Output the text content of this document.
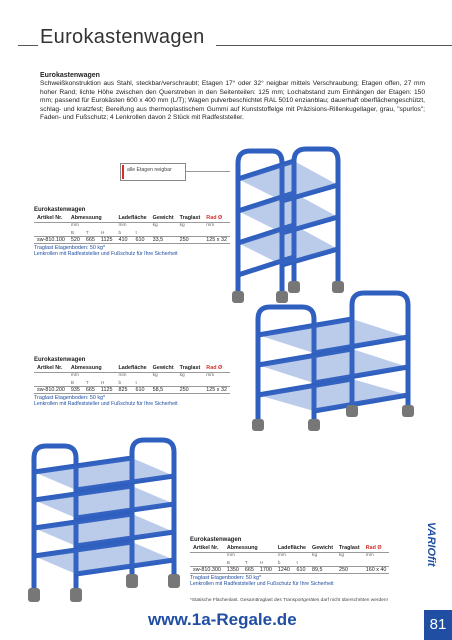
Eurokastenwagen
Eurokastenwagen
Schweißkonstruktion aus Stahl, steckbar/verschraubt; Etagen 17° oder 32° neigbar mittels Verschraubung; Etagen offen, 27 mm hoher Rand; lichte Höhe zwischen den Querstreben in den Seitenteilen: 125 mm; Lochabstand zum Einhängen der Etagen: 150 mm; passend für Eurokästen 600 x 400 mm (L/T); Wagen pulverbeschichtet RAL 5010 enzianblau; dauerhaft oberflächengeschützt, schlag- und kratzfest; Bereifung aus thermoplastischem Gummi auf Kunststoffelge mit Präzisions-Rillenkugellager, grau, "spurlos"; Faden- und Fußschutz; 4 Lenkrollen davon 2 Stück mit Radfeststeller.
alle Etagen neigbar
Eurokastenwagen
Artikel Nr.	Abmessung			Ladefläche		Gewicht	Traglast	Rad Ø
	mm			mm		kg	kg	mm
	B	T	H	b	t			
sw-810.100	520	665	1125	410	610	33,5	250	125 x 32
Traglast Etagenboden: 50 kg*
Lenkrollen mit Radfeststeller und Fußschutz für Ihre Sicherheit
Eurokastenwagen
Artikel Nr.	Abmessung			Ladefläche		Gewicht	Traglast	Rad Ø
	mm			mm		kg	kg	mm
	B	T	H	b	t			
sw-810.200	935	665	1125	825	610	58,5	250	125 x 32
Traglast Etagenboden: 50 kg*
Lenkrollen mit Radfeststeller und Fußschutz für Ihre Sicherheit
Eurokastenwagen
Artikel Nr.	Abmessung			Ladefläche		Gewicht	Traglast	Rad Ø
	mm			mm		kg	kg	mm
	B	T	H	b	t			
sw-810.300	1350	665	1700	1240	610	89,5	250	160 x 40
Traglast Etagenboden: 50 kg*
Lenkrollen mit Radfeststeller und Fußschutz für Ihre Sicherheit
VARIOfit
*Statische Flächenlast. Gesamttraglast des Transportgerätes darf nicht überschritten werden!
www.1a-Regale.de	81
